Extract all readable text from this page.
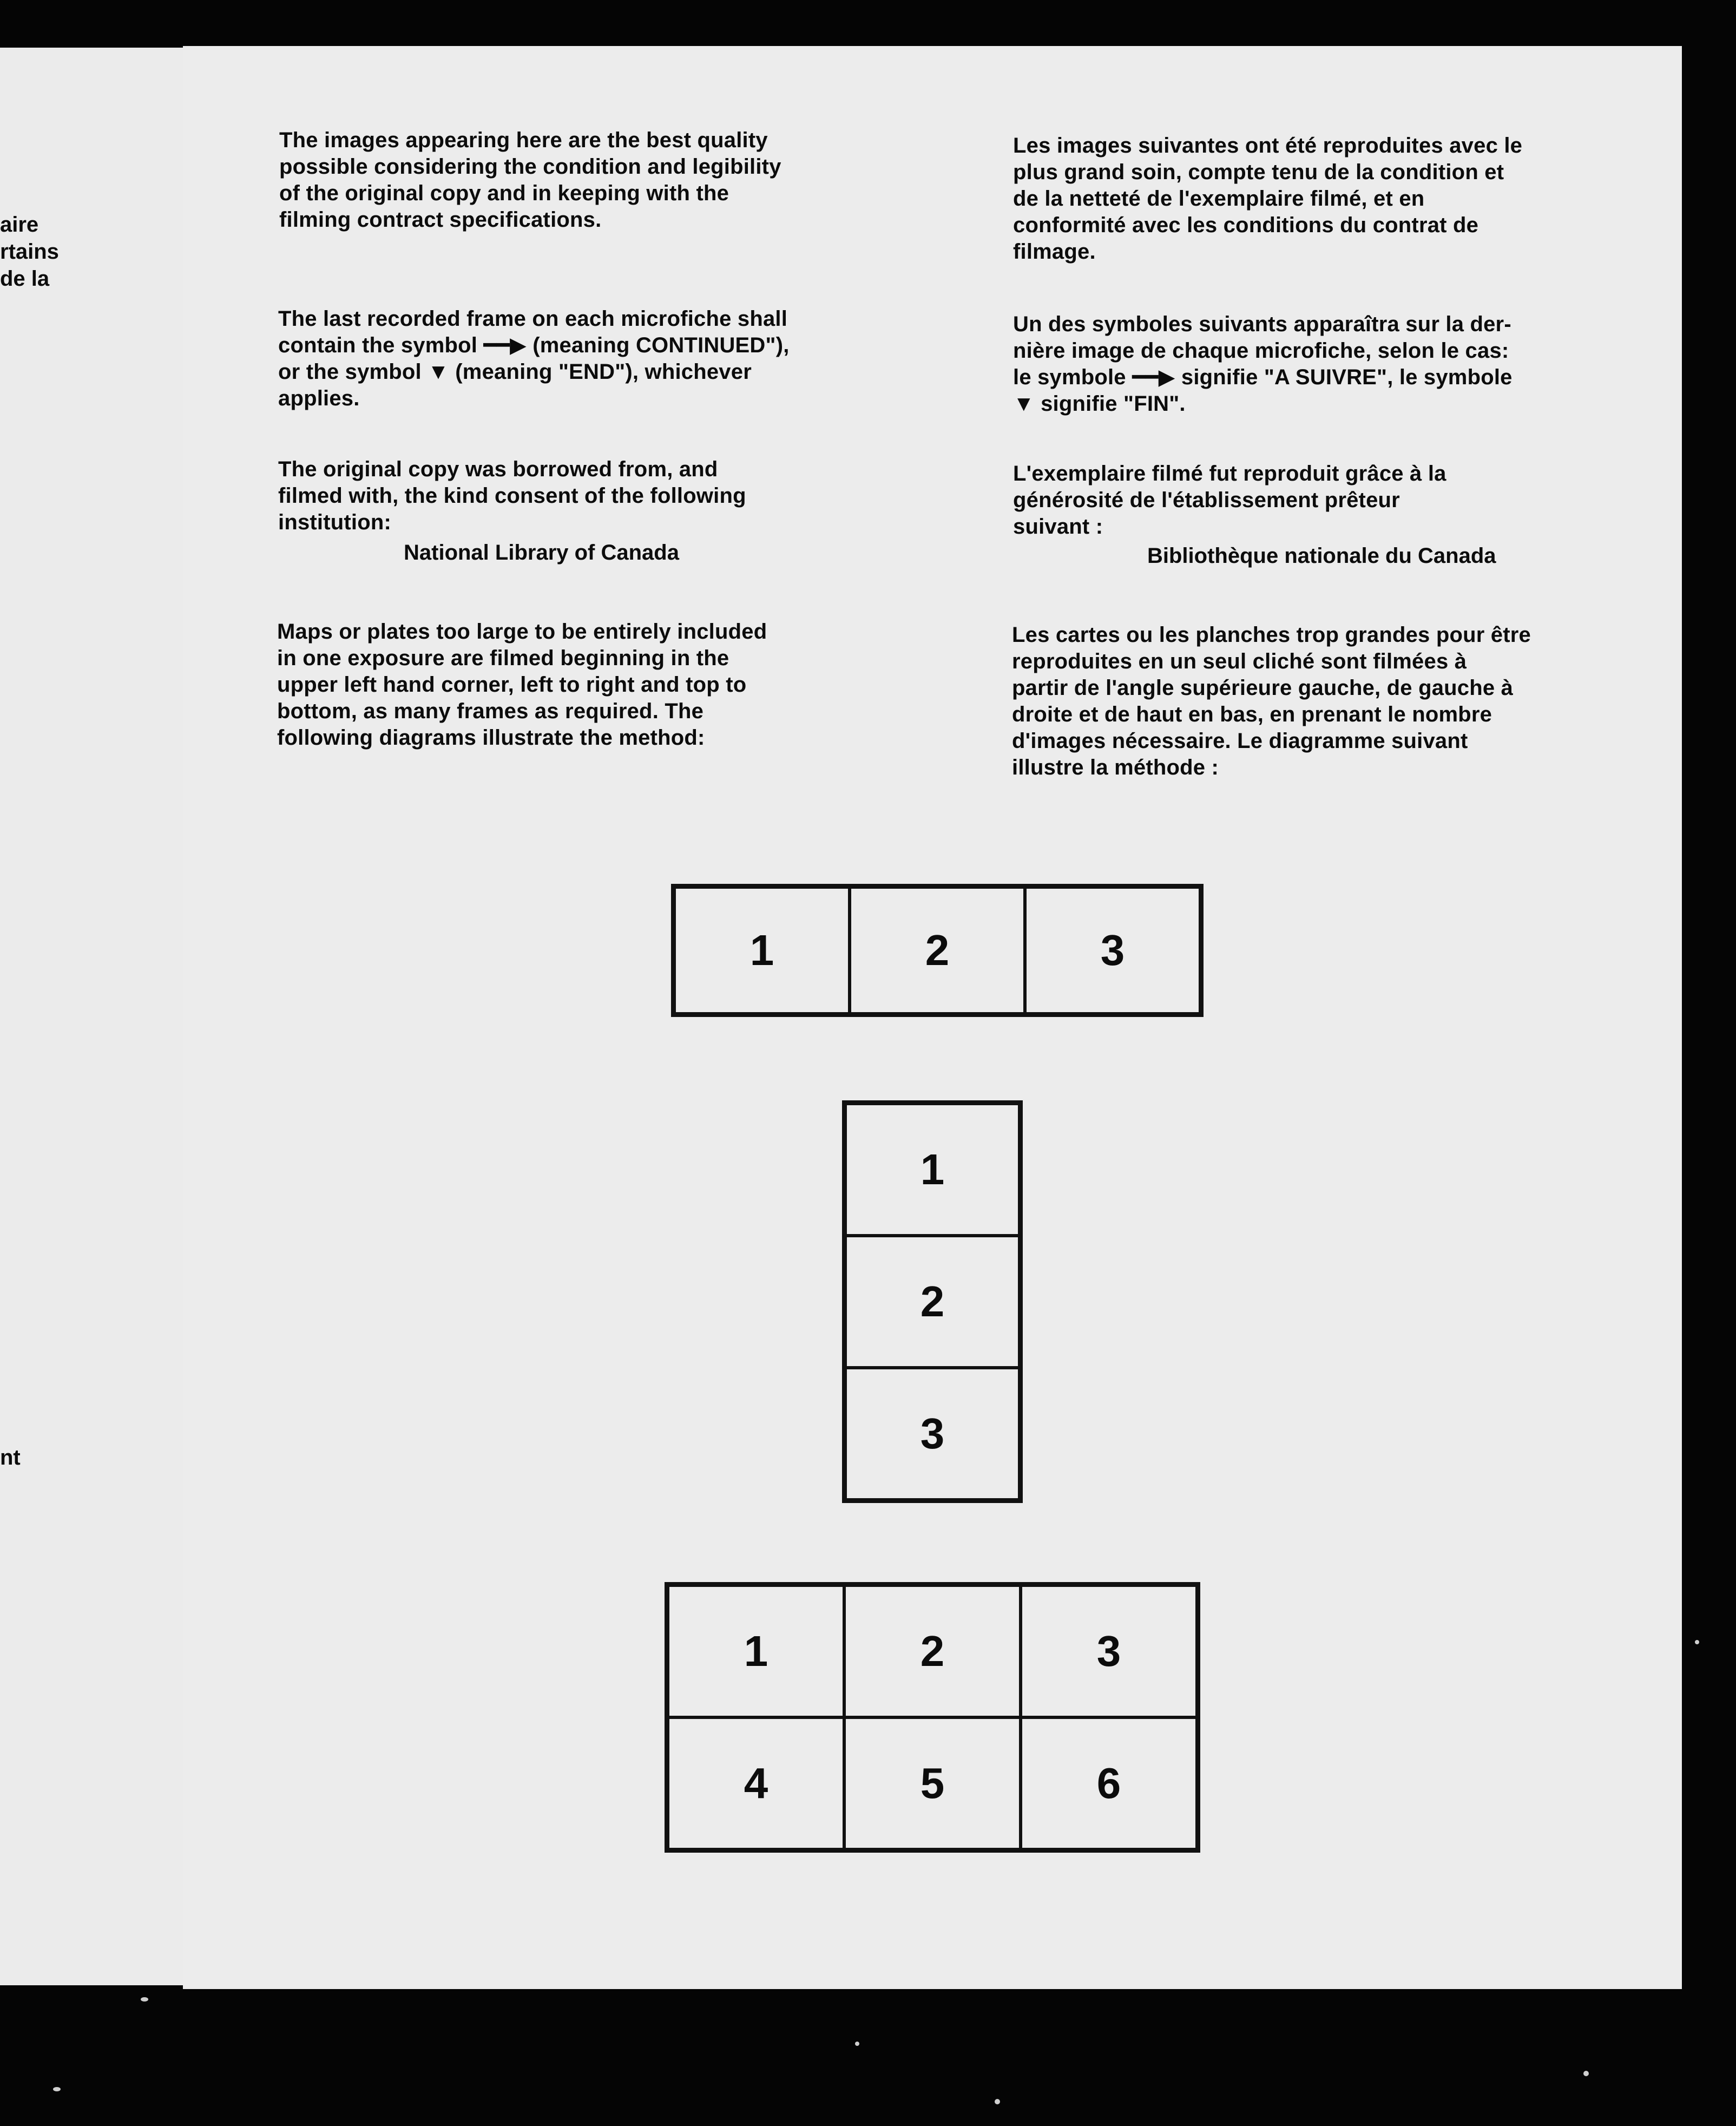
aire
rtains
de la
nt
The images appearing here are the best quality
possible considering the condition and legibility
of the original copy and in keeping with the
filming contract specifications.
The last recorded frame on each microfiche shall
contain the symbol ━━▶ (meaning CONTINUED"),
or the symbol ▼ (meaning "END"), whichever
applies.
The original copy was borrowed from, and
filmed with, the kind consent of the following
institution:
National Library of Canada
Maps or plates too large to be entirely included
in one exposure are filmed beginning in the
upper left hand corner, left to right and top to
bottom, as many frames as required. The
following diagrams illustrate the method:
Les images suivantes ont été reproduites avec le
plus grand soin, compte tenu de la condition et
de la netteté de l'exemplaire filmé, et en
conformité avec les conditions du contrat de
filmage.
Un des symboles suivants apparaîtra sur la der-
nière image de chaque microfiche, selon le cas:
le symbole ━━▶ signifie "A SUIVRE", le symbole
▼ signifie "FIN".
L'exemplaire filmé fut reproduit grâce à la
générosité de l'établissement prêteur
suivant :
Bibliothèque nationale du Canada
Les cartes ou les planches trop grandes pour être
reproduites en un seul cliché sont filmées à
partir de l'angle supérieure gauche, de gauche à
droite et de haut en bas, en prenant le nombre
d'images nécessaire. Le diagramme suivant
illustre la méthode :
1	2	3
1
2
3
1	2	3
4	5	6
